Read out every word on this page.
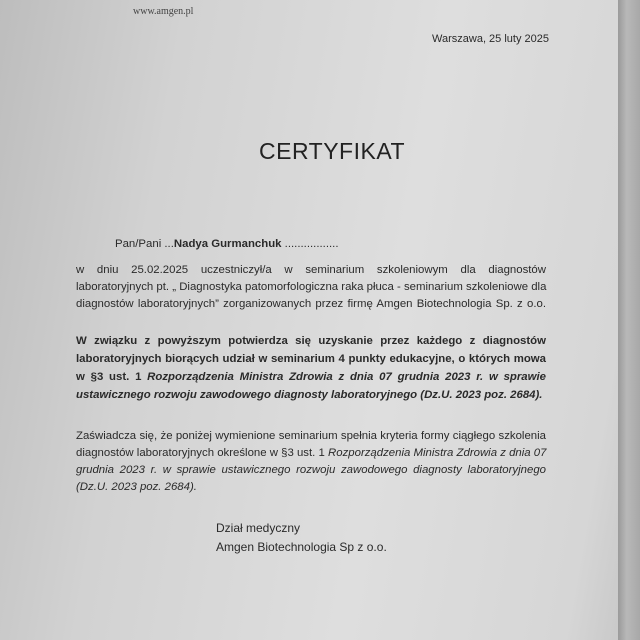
www.amgen.pl
Warszawa, 25 luty 2025
CERTYFIKAT
Pan/Pani ...Nadya Gurmanchuk .................
w dniu 25.02.2025 uczestniczył/a w seminarium szkoleniowym dla diagnostów
laboratoryjnych pt. „ Diagnostyka patomorfologiczna raka płuca - seminarium szkoleniowe dla
diagnostów laboratoryjnych” zorganizowanych przez firmę Amgen Biotechnologia Sp. z o.o.
W związku z powyższym potwierdza się uzyskanie przez każdego z diagnostów
laboratoryjnych biorących udział w seminarium 4 punkty edukacyjne, o których mowa
w §3 ust. 1 Rozporządzenia Ministra Zdrowia z dnia 07 grudnia 2023 r. w sprawie
ustawicznego rozwoju zawodowego diagnosty laboratoryjnego (Dz.U. 2023 poz. 2684).
Zaświadcza się, że poniżej wymienione seminarium spełnia kryteria formy ciągłego szkolenia
diagnostów laboratoryjnych określone w §3 ust. 1 Rozporządzenia Ministra Zdrowia z dnia 07
grudnia 2023 r. w sprawie ustawicznego rozwoju zawodowego diagnosty laboratoryjnego
(Dz.U. 2023 poz. 2684).
Dział medyczny
Amgen Biotechnologia Sp z o.o.
